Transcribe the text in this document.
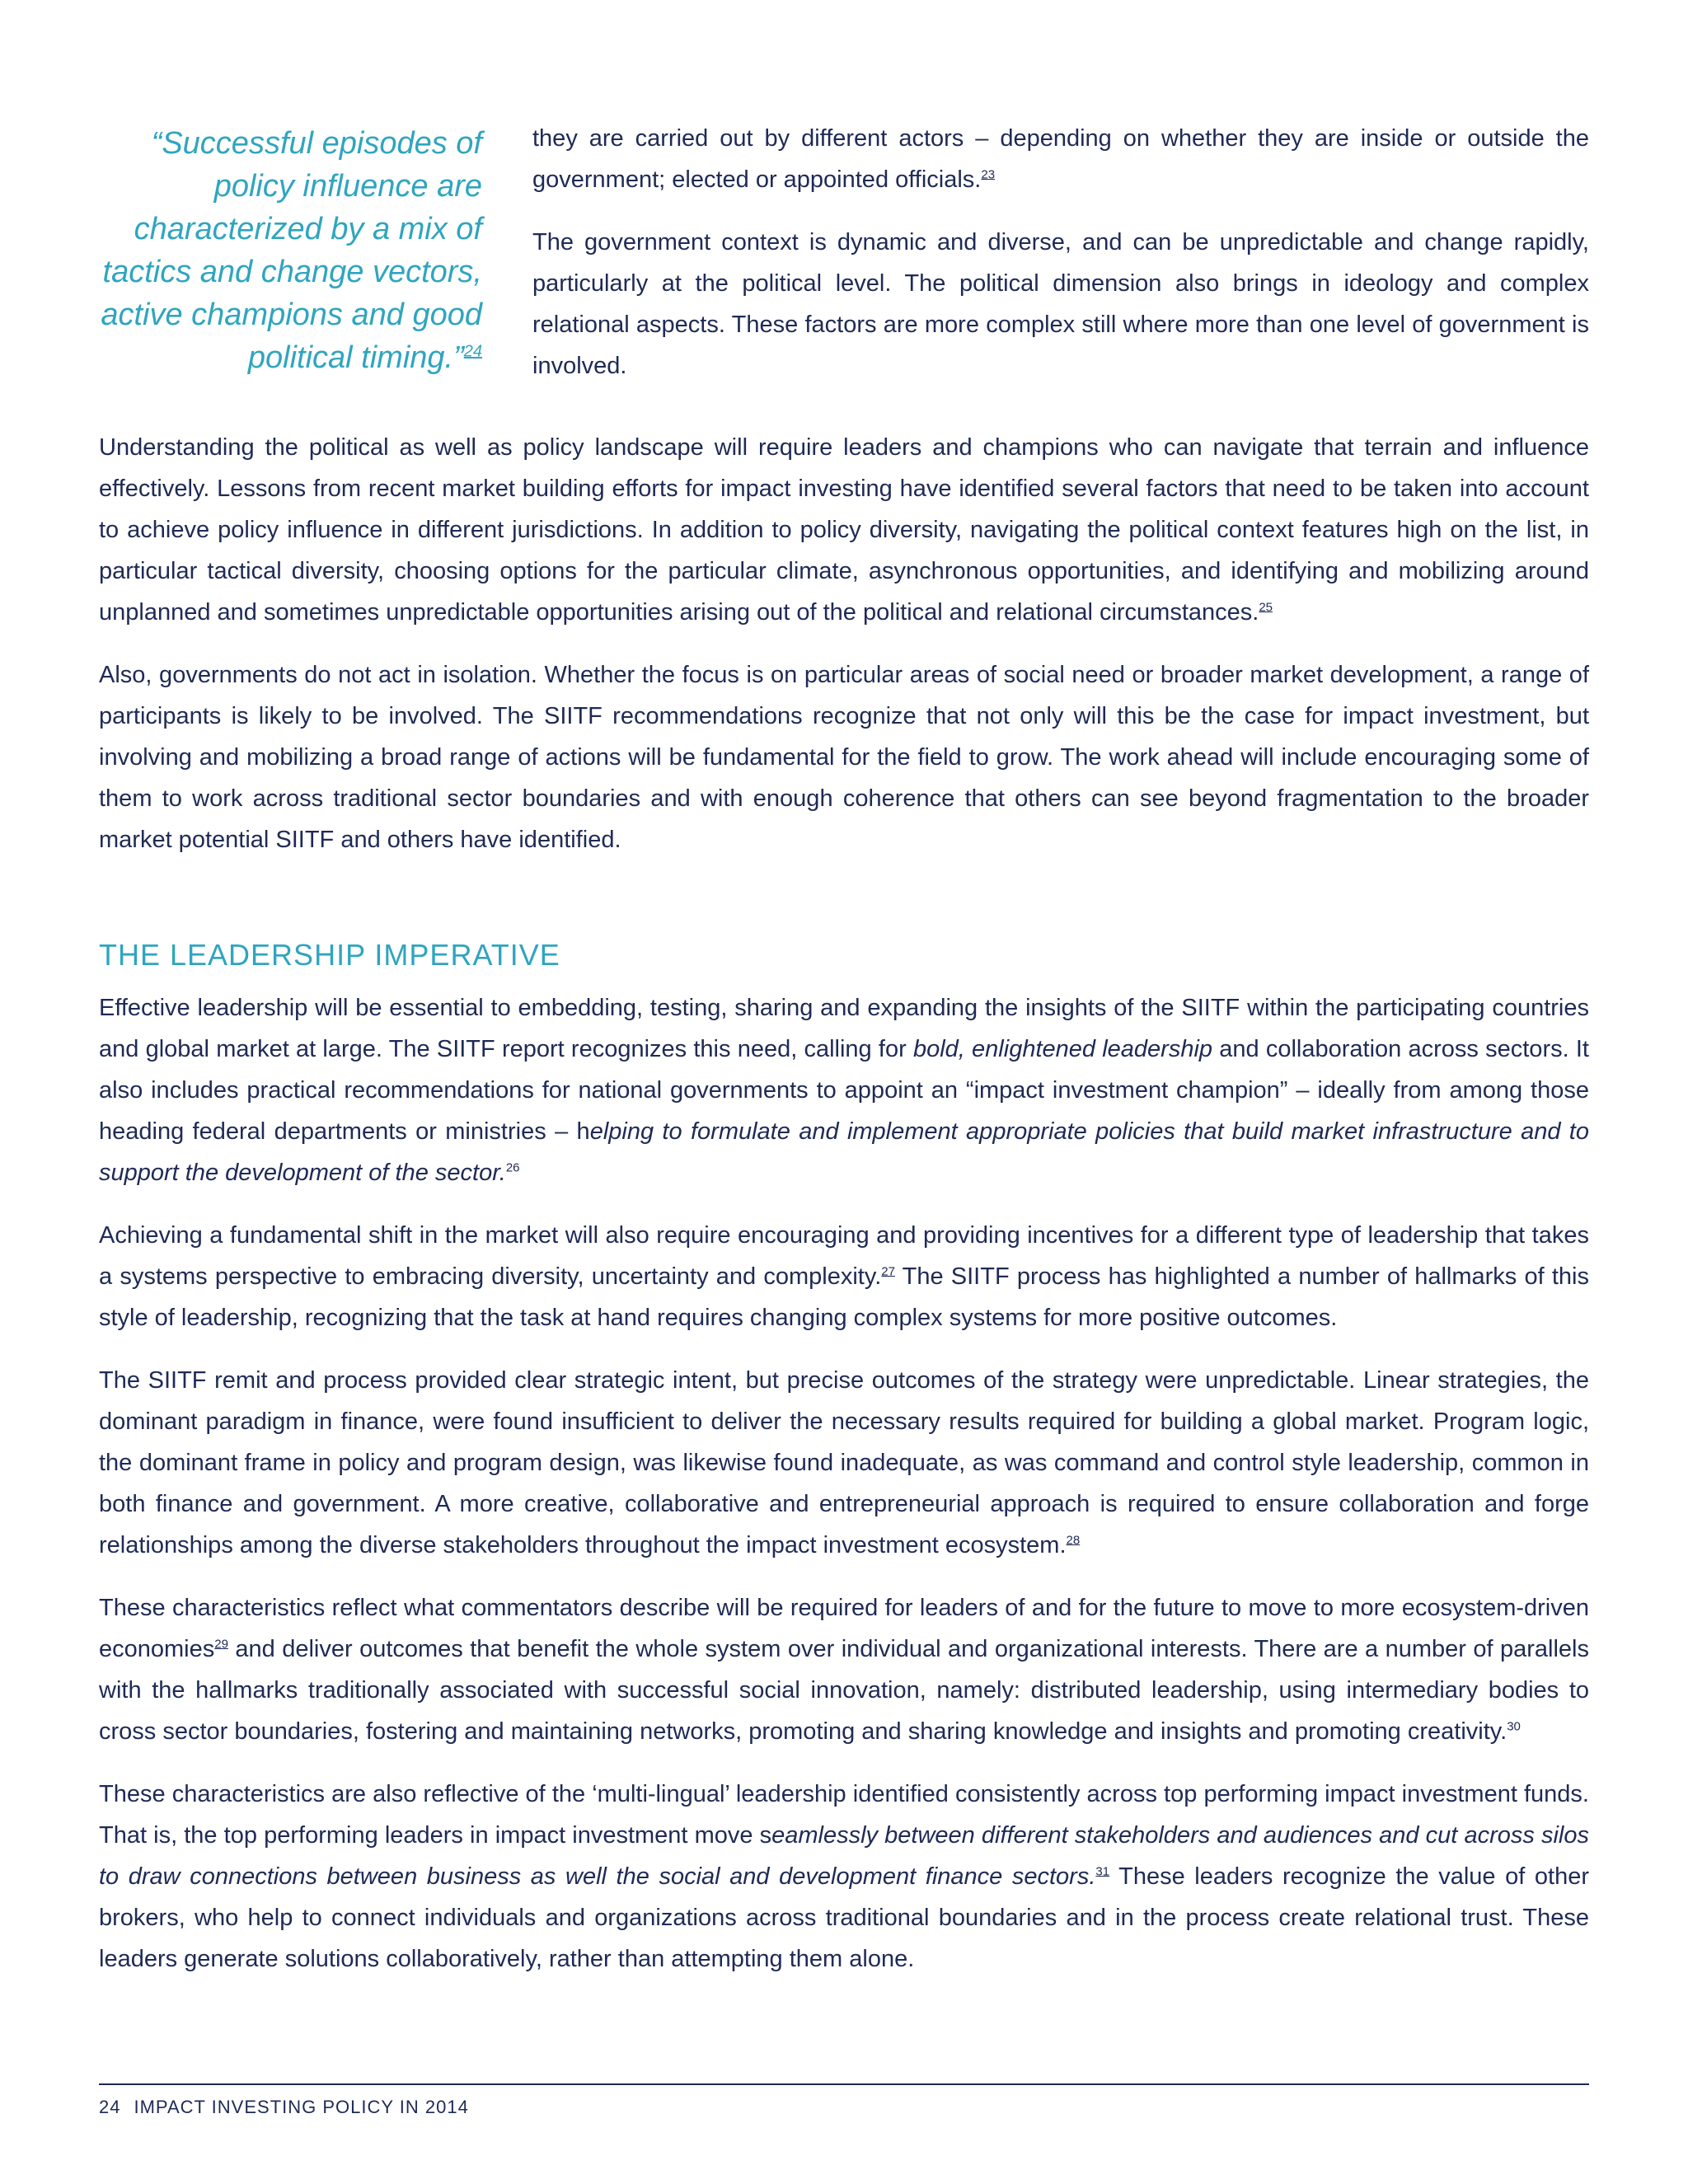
“Successful episodes of policy influence are characterized by a mix of tactics and change vectors, active champions and good political timing.”$^{24}$

they are carried out by different actors – depending on whether they are inside or outside the government; elected or appointed officials.$^{23}$

The government context is dynamic and diverse, and can be unpredictable and change rapidly, particularly at the political level. The political dimension also brings in ideology and complex relational aspects. These factors are more complex still where more than one level of government is involved.

Understanding the political as well as policy landscape will require leaders and champions who can navigate that terrain and influence effectively. Lessons from recent market building efforts for impact investing have identified several factors that need to be taken into account to achieve policy influence in different jurisdictions. In addition to policy diversity, navigating the political context features high on the list, in particular tactical diversity, choosing options for the particular climate, asynchronous opportunities, and identifying and mobilizing around unplanned and sometimes unpredictable opportunities arising out of the political and relational circumstances.$^{25}$

Also, governments do not act in isolation. Whether the focus is on particular areas of social need or broader market development, a range of participants is likely to be involved. The SIITF recommendations recognize that not only will this be the case for impact investment, but involving and mobilizing a broad range of actions will be fundamental for the field to grow. The work ahead will include encouraging some of them to work across traditional sector boundaries and with enough coherence that others can see beyond fragmentation to the broader market potential SIITF and others have identified.

THE LEADERSHIP IMPERATIVE

Effective leadership will be essential to embedding, testing, sharing and expanding the insights of the SIITF within the participating countries and global market at large. The SIITF report recognizes this need, calling for bold, enlightened leadership and collaboration across sectors. It also includes practical recommendations for national governments to appoint an “impact investment champion” – ideally from among those heading federal departments or ministries – helping to formulate and implement appropriate policies that build market infrastructure and to support the development of the sector.$^{26}$

Achieving a fundamental shift in the market will also require encouraging and providing incentives for a different type of leadership that takes a systems perspective to embracing diversity, uncertainty and complexity.$^{27}$ The SIITF process has highlighted a number of hallmarks of this style of leadership, recognizing that the task at hand requires changing complex systems for more positive outcomes.

The SIITF remit and process provided clear strategic intent, but precise outcomes of the strategy were unpredictable. Linear strategies, the dominant paradigm in finance, were found insufficient to deliver the necessary results required for building a global market. Program logic, the dominant frame in policy and program design, was likewise found inadequate, as was command and control style leadership, common in both finance and government. A more creative, collaborative and entrepreneurial approach is required to ensure collaboration and forge relationships among the diverse stakeholders throughout the impact investment ecosystem.$^{28}$

These characteristics reflect what commentators describe will be required for leaders of and for the future to move to more ecosystem-driven economies$^{29}$ and deliver outcomes that benefit the whole system over individual and organizational interests. There are a number of parallels with the hallmarks traditionally associated with successful social innovation, namely: distributed leadership, using intermediary bodies to cross sector boundaries, fostering and maintaining networks, promoting and sharing knowledge and insights and promoting creativity.$^{30}$

These characteristics are also reflective of the ‘multi-lingual’ leadership identified consistently across top performing impact investment funds. That is, the top performing leaders in impact investment move seamlessly between different stakeholders and audiences and cut across silos to draw connections between business as well the social and development finance sectors.$^{31}$ These leaders recognize the value of other brokers, who help to connect individuals and organizations across traditional boundaries and in the process create relational trust. These leaders generate solutions collaboratively, rather than attempting them alone.

24 IMPACT INVESTING POLICY IN 2014
